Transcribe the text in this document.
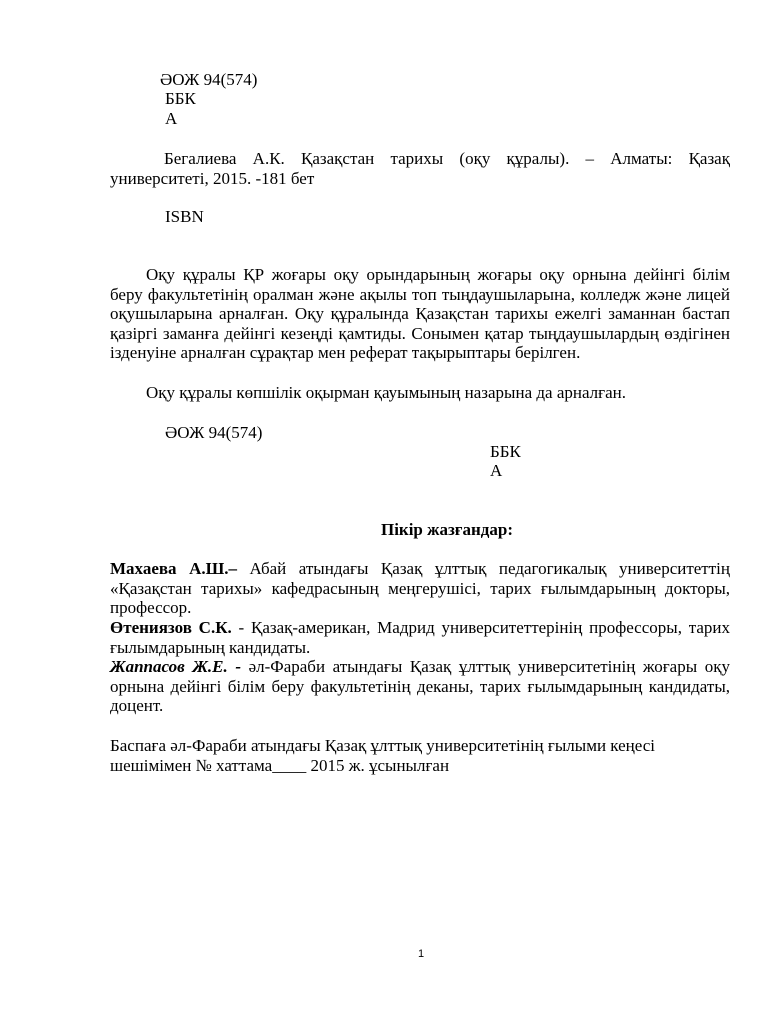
ӘОЖ 94(574)
ББК
А
Бегалиева А.К. Қазақстан тарихы (оқу құралы). – Алматы: Қазақ университеті, 2015. -181 бет
ISBN
Оқу құралы ҚР жоғары оқу орындарының жоғары оқу орнына дейінгі білім беру факультетінің оралман және ақылы топ тыңдаушыларына, колледж және лицей оқушыларына арналған. Оқу құралында Қазақстан тарихы ежелгі заманнан бастап қазіргі заманға дейінгі кезеңді қамтиды. Сонымен қатар тыңдаушылардың өздігінен ізденуіне арналған сұрақтар мен реферат тақырыптары берілген.
Оқу құралы көпшілік оқырман қауымының назарына да арналған.
ӘОЖ 94(574)
ББК
А
Пікір жазғандар:
Махаева А.Ш.– Абай атындағы Қазақ ұлттық педагогикалық университеттің «Қазақстан тарихы» кафедрасының меңгерушісі, тарих ғылымдарының докторы, профессор.
Өтениязов С.К. - Қазақ-американ, Мадрид университеттерінің профессоры, тарих ғылымдарының кандидаты.
Жаппасов Ж.Е. - әл-Фараби атындағы Қазақ ұлттық университетінің жоғары оқу орнына дейінгі білім беру факультетінің деканы, тарих ғылымдарының кандидаты, доцент.
Баспаға әл-Фараби атындағы Қазақ ұлттық университетінің ғылыми кеңесі
шешімімен № хаттама____ 2015 ж. ұсынылған
1
